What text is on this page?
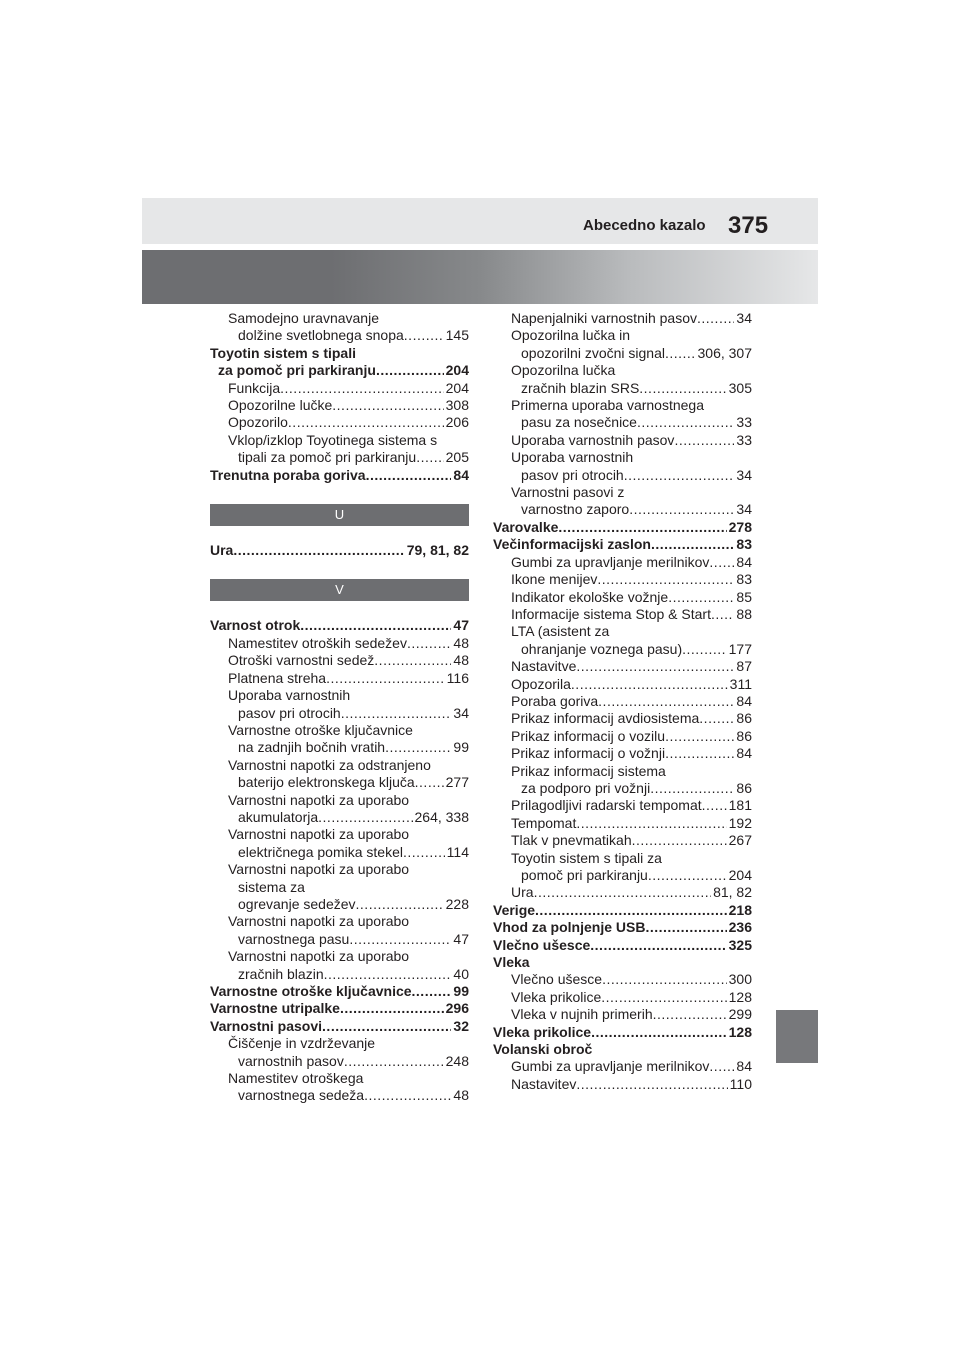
Abecedno kazalo 375
Samodejno uravnavanje
dolžine svetlobnega snopa .....	145
Toyotin sistem s tipali
za pomoč pri parkiranju .....	204
Funkcija .....	204
Opozorilne lučke .....	308
Opozorilo .....	206
Vklop/izklop Toyotinega sistema s
tipali za pomoč pri parkiranju ..... 205
Trenutna poraba goriva .....	84
U
Ura .....	79, 81, 82
V
Varnost otrok .....	47
Namestitev otroških sedežev .....	48
Otroški varnostni sedež .....	48
Platnena streha .....	116
Uporaba varnostnih
pasov pri otrocih .....	34
Varnostne otroške ključavnice
na zadnjih bočnih vratih .....	99
Varnostni napotki za odstranjeno
baterijo elektronskega ključa ..... 277
Varnostni napotki za uporabo
akumulatorja .....	264, 338
Varnostni napotki za uporabo
električnega pomika stekel .....	114
Varnostni napotki za uporabo
sistema za
ogrevanje sedežev .....	228
Varnostni napotki za uporabo
varnostnega pasu .....	47
Varnostni napotki za uporabo
zračnih blazin .....	40
Varnostne otroške ključavnice .....	99
Varnostne utripalke .....	296
Varnostni pasovi .....	32
Čiščenje in vzdrževanje
varnostnih pasov .....	248
Namestitev otroškega
varnostnega sedeža .....	48
Napenjalniki varnostnih pasov .....	34
Opozorilna lučka in
opozorilni zvočni signal ..... 306, 307
Opozorilna lučka
zračnih blazin SRS .....	305
Primerna uporaba varnostnega
pasu za nosečnice .....	33
Uporaba varnostnih pasov .....	33
Uporaba varnostnih
pasov pri otrocih .....	34
Varnostni pasovi z
varnostno zaporo .....	34
Varovalke .....	278
Večinformacijski zaslon .....	83
Gumbi za upravljanje merilnikov ..... 84
Ikone menijev .....	83
Indikator ekološke vožnje .....	85
Informacije sistema Stop & Start ..... 88
LTA (asistent za
ohranjanje voznega pasu) .....	177
Nastavitve .....	87
Opozorila .....	311
Poraba goriva .....	84
Prikaz informacij avdiosistema .....	86
Prikaz informacij o vozilu .....	86
Prikaz informacij o vožnji .....	84
Prikaz informacij sistema
za podporo pri vožnji .....	86
Prilagodljivi radarski tempomat ..... 181
Tempomat .....	192
Tlak v pnevmatikah .....	267
Toyotin sistem s tipali za
pomoč pri parkiranju .....	204
Ura .....	81, 82
Verige .....	218
Vhod za polnjenje USB .....	236
Vlečno ušesce .....	325
Vleka
Vlečno ušesce .....	300
Vleka prikolice .....	128
Vleka v nujnih primerih .....	299
Vleka prikolice .....	128
Volanski obroč
Gumbi za upravljanje merilnikov ..... 84
Nastavitev .....	110
